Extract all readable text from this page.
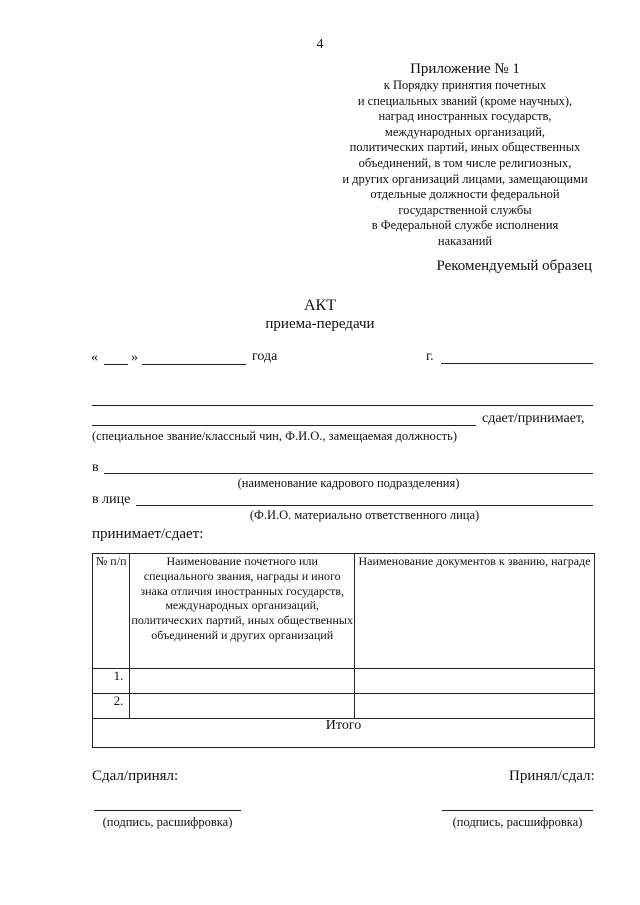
4
Приложение № 1
к Порядку принятия почетных
и специальных званий (кроме научных),
наград иностранных государств,
международных организаций,
политических партий, иных общественных
объединений, в том числе религиозных,
и других организаций лицами, замещающими
отдельные должности федеральной
государственной службы
в Федеральной службе исполнения
наказаний
Рекомендуемый образец
АКТ
приема-передачи
« »	года	г.
сдает/принимает,
(специальное звание/классный чин, Ф.И.О., замещаемая должность)
в
(наименование кадрового подразделения)
в лице
(Ф.И.О. материально ответственного лица)
принимает/сдает:
№ п/п	Наименование почетного или специального звания, награды и иного знака отличия иностранных государств, международных организаций, политических партий, иных общественных объединений и других организаций	Наименование документов к званию, награде
1.		
2.		
Итого		
Сдал/принял:	Принял/сдал:
(подпись, расшифровка)	(подпись, расшифровка)
